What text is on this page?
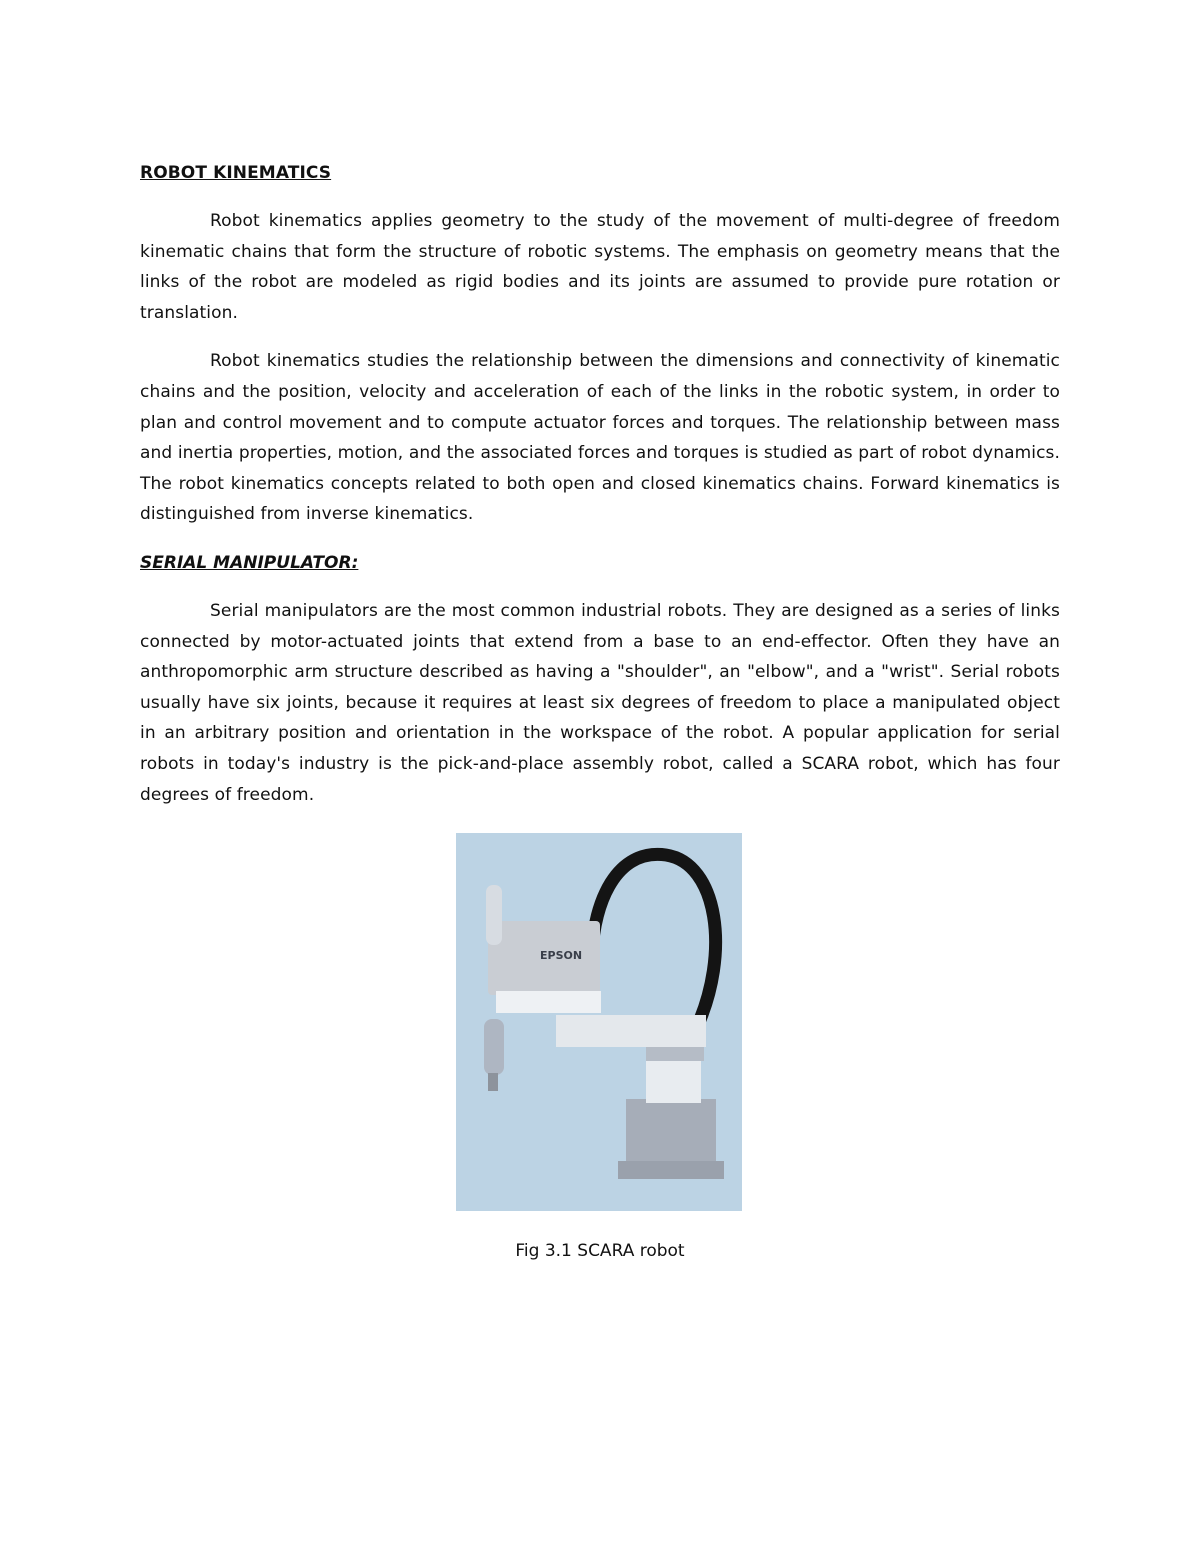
ROBOT KINEMATICS

Robot kinematics applies geometry to the study of the movement of multi-degree of freedom kinematic chains that form the structure of robotic systems. The emphasis on geometry means that the links of the robot are modeled as rigid bodies and its joints are assumed to provide pure rotation or translation.

Robot kinematics studies the relationship between the dimensions and connectivity of kinematic chains and the position, velocity and acceleration of each of the links in the robotic system, in order to plan and control movement and to compute actuator forces and torques. The relationship between mass and inertia properties, motion, and the associated forces and torques is studied as part of robot dynamics. The robot kinematics concepts related to both open and closed kinematics chains. Forward kinematics is distinguished from inverse kinematics.

SERIAL MANIPULATOR:

Serial manipulators are the most common industrial robots. They are designed as a series of links connected by motor-actuated joints that extend from a base to an end-effector. Often they have an anthropomorphic arm structure described as having a "shoulder", an "elbow", and a "wrist". Serial robots usually have six joints, because it requires at least six degrees of freedom to place a manipulated object in an arbitrary position and orientation in the workspace of the robot. A popular application for serial robots in today's industry is the pick-and-place assembly robot, called a SCARA robot, which has four degrees of freedom.

EPSON
Fig 3.1 SCARA robot
